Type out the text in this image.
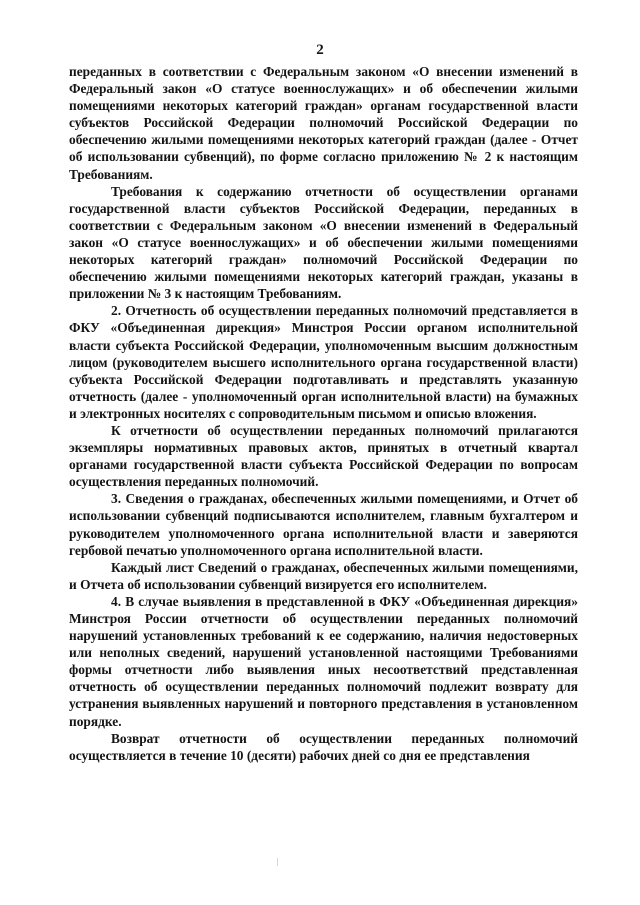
2

переданных в соответствии с Федеральным законом «О внесении изменений в Федеральный закон «О статусе военнослужащих» и об обеспечении жилыми помещениями некоторых категорий граждан» органам государственной власти субъектов Российской Федерации полномочий Российской Федерации по обеспечению жилыми помещениями некоторых категорий граждан (далее - Отчет об использовании субвенций), по форме согласно приложению № 2 к настоящим Требованиям.

Требования к содержанию отчетности об осуществлении органами государственной власти субъектов Российской Федерации, переданных в соответствии с Федеральным законом «О внесении изменений в Федеральный закон «О статусе военнослужащих» и об обеспечении жилыми помещениями некоторых категорий граждан» полномочий Российской Федерации по обеспечению жилыми помещениями некоторых категорий граждан, указаны в приложении № 3 к настоящим Требованиям.

2. Отчетность об осуществлении переданных полномочий представляется в ФКУ «Объединенная дирекция» Минстроя России органом исполнительной власти субъекта Российской Федерации, уполномоченным высшим должностным лицом (руководителем высшего исполнительного органа государственной власти) субъекта Российской Федерации подготавливать и представлять указанную отчетность (далее - уполномоченный орган исполнительной власти) на бумажных и электронных носителях с сопроводительным письмом и описью вложения.

К отчетности об осуществлении переданных полномочий прилагаются экземпляры нормативных правовых актов, принятых в отчетный квартал органами государственной власти субъекта Российской Федерации по вопросам осуществления переданных полномочий.

3. Сведения о гражданах, обеспеченных жилыми помещениями, и Отчет об использовании субвенций подписываются исполнителем, главным бухгалтером и руководителем уполномоченного органа исполнительной власти и заверяются гербовой печатью уполномоченного органа исполнительной власти.

Каждый лист Сведений о гражданах, обеспеченных жилыми помещениями, и Отчета об использовании субвенций визируется его исполнителем.

4. В случае выявления в представленной в ФКУ «Объединенная дирекция» Минстроя России отчетности об осуществлении переданных полномочий нарушений установленных требований к ее содержанию, наличия недостоверных или неполных сведений, нарушений установленной настоящими Требованиями формы отчетности либо выявления иных несоответствий представленная отчетность об осуществлении переданных полномочий подлежит возврату для устранения выявленных нарушений и повторного представления в установленном порядке.

Возврат отчетности об осуществлении переданных полномочий осуществляется в течение 10 (десяти) рабочих дней со дня ее представления
